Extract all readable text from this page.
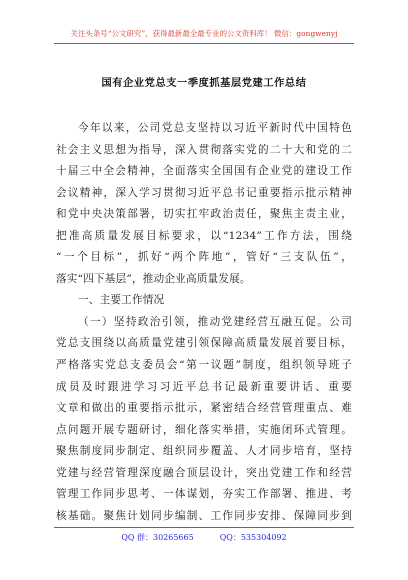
关注头条号“公文研究”，获得最新最全最专业的公文资料库！ 微信：gongwenyj
国有企业党总支一季度抓基层党建工作总结
今年以来，公司党总支坚持以习近平新时代中国特色
社会主义思想为指导，深入贯彻落实党的二十大和党的二
十届三中全会精神，全面落实全国国有企业党的建设工作
会议精神，深入学习贯彻习近平总书记重要指示批示精神
和党中央决策部署，切实扛牢政治责任，聚焦主责主业，
把准高质量发展目标要求，以“1234”工作方法，围绕
“一个目标”，抓好“两个阵地”，管好“三支队伍”，
落实“四下基层”，推动企业高质量发展。
一、主要工作情况
（一）坚持政治引领，推动党建经营互融互促。公司
党总支围绕以高质量党建引领保障高质量发展首要目标，
严格落实党总支委员会“第一议题”制度，组织领导班子
成员及时跟进学习习近平总书记最新重要讲话、重要
文章和做出的重要指示批示，紧密结合经营管理重点、难
点问题开展专题研讨，细化落实举措，实施闭环式管理。
聚焦制度同步制定、组织同步覆盖、人才同步培育，坚持
党建与经营管理深度融合顶层设计，突出党建工作和经营
管理工作同步思考、一体谋划，夯实工作部署、推进、考
核基础。聚焦计划同步编制、工作同步安排、保障同步到
QQ 群：30265665	QQ：535304092
